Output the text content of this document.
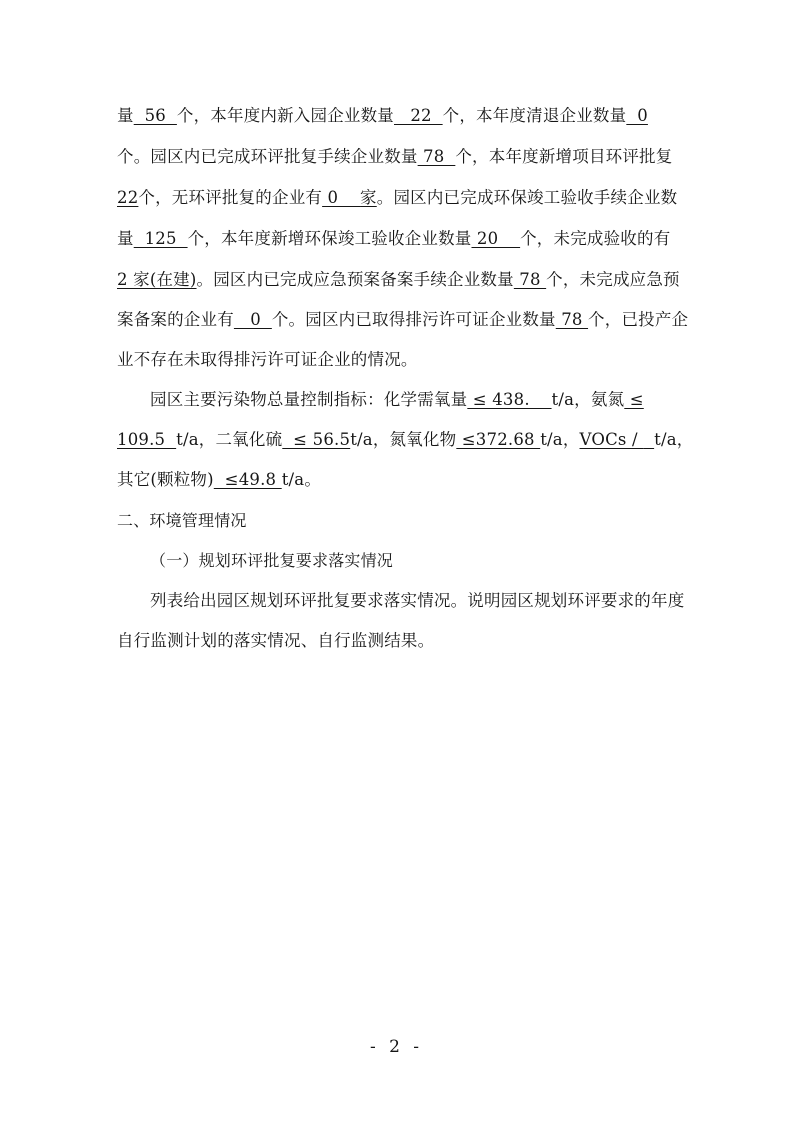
量  56  个，本年度内新入园企业数量   22  个，本年度清退企业数量  0
个。园区内已完成环评批复手续企业数量 78  个，本年度新增项目环评批复
22个，无环评批复的企业有 0    家。园区内已完成环保竣工验收手续企业数
量  125  个，本年度新增环保竣工验收企业数量 20    个，未完成验收的有
2 家(在建)。园区内已完成应急预案备案手续企业数量 78 个，未完成应急预
案备案的企业有   0  个。园区内已取得排污许可证企业数量 78 个，已投产企
业不存在未取得排污许可证企业的情况。
园区主要污染物总量控制指标：化学需氧量 ≤ 438.    t/a，氨氮 ≤
109.5  t/a，二氧化硫  ≤ 56.5t/a，氮氧化物 ≤372.68 t/a，VOCs /   t/a，
其它(颗粒物)  ≤49.8 t/a。
二、环境管理情况
（一）规划环评批复要求落实情况
列表给出园区规划环评批复要求落实情况。说明园区规划环评要求的年度
自行监测计划的落实情况、自行监测结果。
- 2 -
